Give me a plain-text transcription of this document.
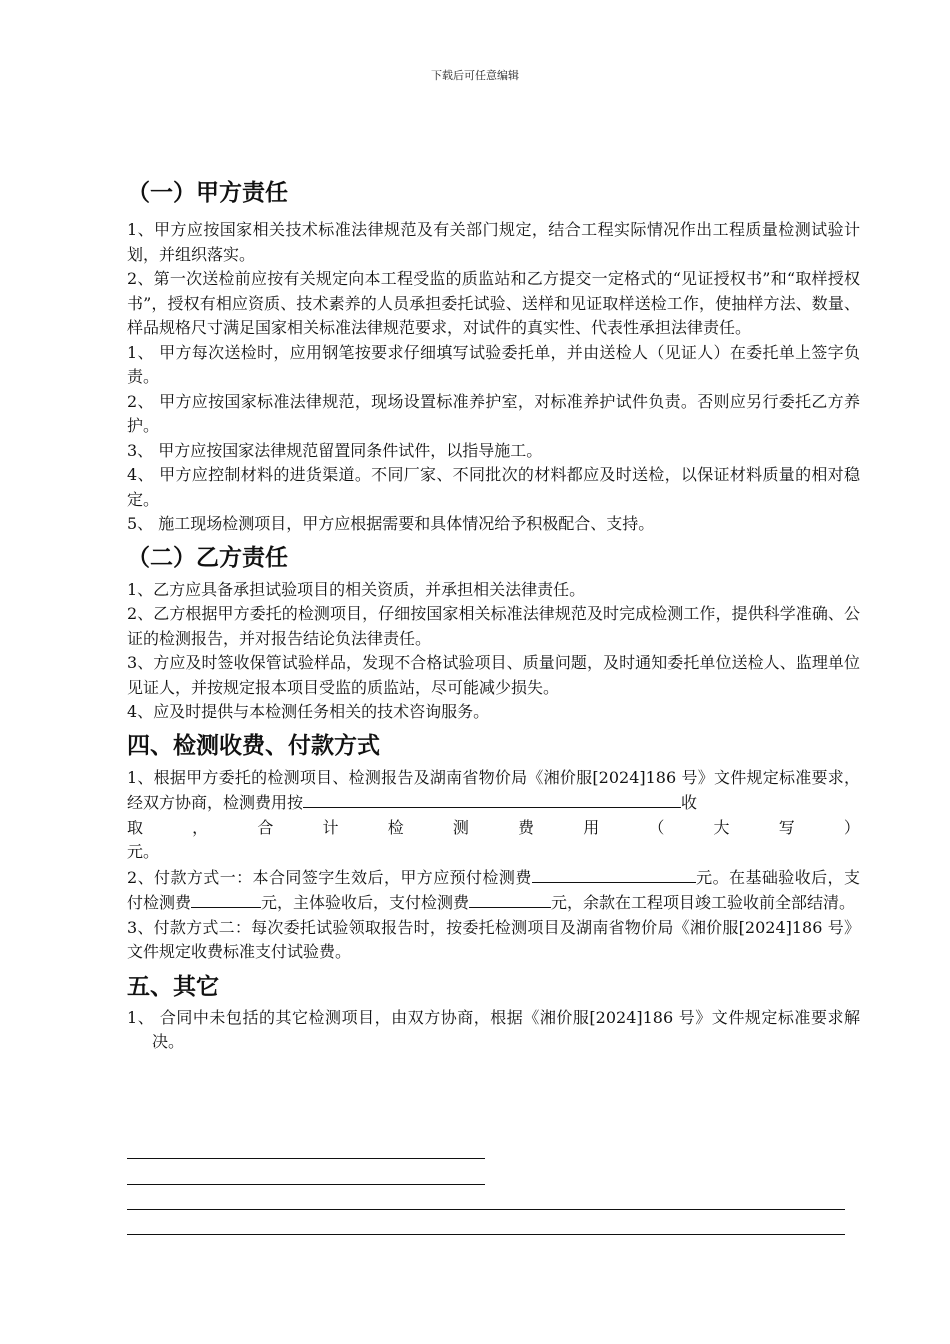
下载后可任意编辑
（一）甲方责任

1、甲方应按国家相关技术标准法律规范及有关部门规定，结合工程实际情况作出工程质量检测试验计划，并组织落实。

2、第一次送检前应按有关规定向本工程受监的质监站和乙方提交一定格式的“见证授权书”和“取样授权书”，授权有相应资质、技术素养的人员承担委托试验、送样和见证取样送检工作，使抽样方法、数量、样品规格尺寸满足国家相关标准法律规范要求，对试件的真实性、代表性承担法律责任。

1、 甲方每次送检时，应用钢笔按要求仔细填写试验委托单，并由送检人（见证人）在委托单上签字负责。

2、 甲方应按国家标准法律规范，现场设置标准养护室，对标准养护试件负责。否则应另行委托乙方养护。

3、 甲方应按国家法律规范留置同条件试件，以指导施工。

4、 甲方应控制材料的进货渠道。不同厂家、不同批次的材料都应及时送检，以保证材料质量的相对稳定。

5、 施工现场检测项目，甲方应根据需要和具体情况给予积极配合、支持。

（二）乙方责任

1、乙方应具备承担试验项目的相关资质，并承担相关法律责任。

2、乙方根据甲方委托的检测项目，仔细按国家相关标准法律规范及时完成检测工作，提供科学准确、公证的检测报告，并对报告结论负法律责任。

3、方应及时签收保管试验样品，发现不合格试验项目、质量问题，及时通知委托单位送检人、监理单位见证人，并按规定报本项目受监的质监站，尽可能减少损失。

4、应及时提供与本检测任务相关的技术咨询服务。

四、检测收费、付款方式

1、根据甲方委托的检测项目、检测报告及湖南省物价局《湘价服[2024]186 号》文件规定标准要求，经双方协商，检测费用按	收

取	，	合	计	检	测	费	用	（	大	写	）

元。

2、付款方式一：本合同签字生效后，甲方应预付检测费	元。在基础验收后，支付检测费	元，主体验收后，支付检测费	元，余款在工程项目竣工验收前全部结清。

3、付款方式二：每次委托试验领取报告时，按委托检测项目及湖南省物价局《湘价服[2024]186 号》文件规定收费标准支付试验费。

五、其它

1、 合同中未包括的其它检测项目，由双方协商，根据《湘价服[2024]186 号》文件规定标准要求解决。
